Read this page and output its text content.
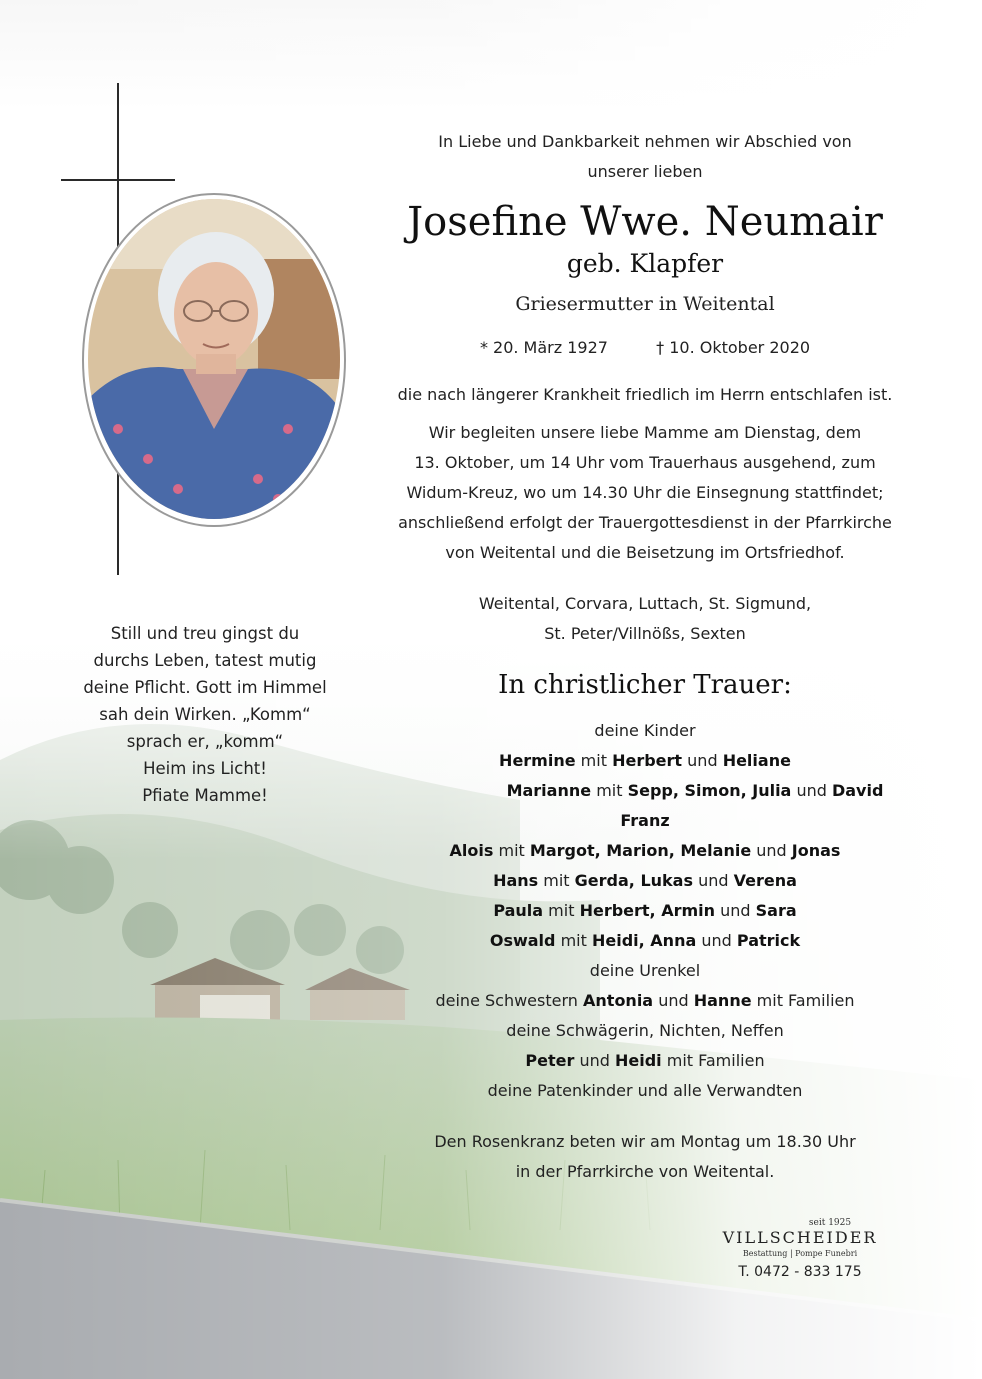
In Liebe und Dankbarkeit nehmen wir Abschied von
unserer lieben
Josefine Wwe. Neumair
geb. Klapfer
Griesermutter in Weitental
* 20. März 1927	† 10. Oktober 2020
die nach längerer Krankheit friedlich im Herrn entschlafen ist.
Wir begleiten unsere liebe Mamme am Dienstag, dem
13. Oktober, um 14 Uhr vom Trauerhaus ausgehend, zum
Widum-Kreuz, wo um 14.30 Uhr die Einsegnung stattfindet;
anschließend erfolgt der Trauergottesdienst in der Pfarrkirche
von Weitental und die Beisetzung im Ortsfriedhof.
Weitental, Corvara, Luttach, St. Sigmund,
St. Peter/Villnößs, Sexten
In christlicher Trauer:
deine Kinder
Hermine mit Herbert und Heliane
Marianne mit Sepp, Simon, Julia und David
Franz
Alois mit Margot, Marion, Melanie und Jonas
Hans mit Gerda, Lukas und Verena
Paula mit Herbert, Armin und Sara
Oswald mit Heidi, Anna und Patrick
deine Urenkel
deine Schwestern Antonia und Hanne mit Familien
deine Schwägerin, Nichten, Neffen
Peter und Heidi mit Familien
deine Patenkinder und alle Verwandten
Den Rosenkranz beten wir am Montag um 18.30 Uhr
in der Pfarrkirche von Weitental.
Still und treu gingst du
durchs Leben, tatest mutig
deine Pflicht. Gott im Himmel
sah dein Wirken. „Komm“
sprach er, „komm“
Heim ins Licht!
Pfiate Mamme!
seit 1925
VILLSCHEIDER
Bestattung | Pompe Funebri
T. 0472 - 833 175
